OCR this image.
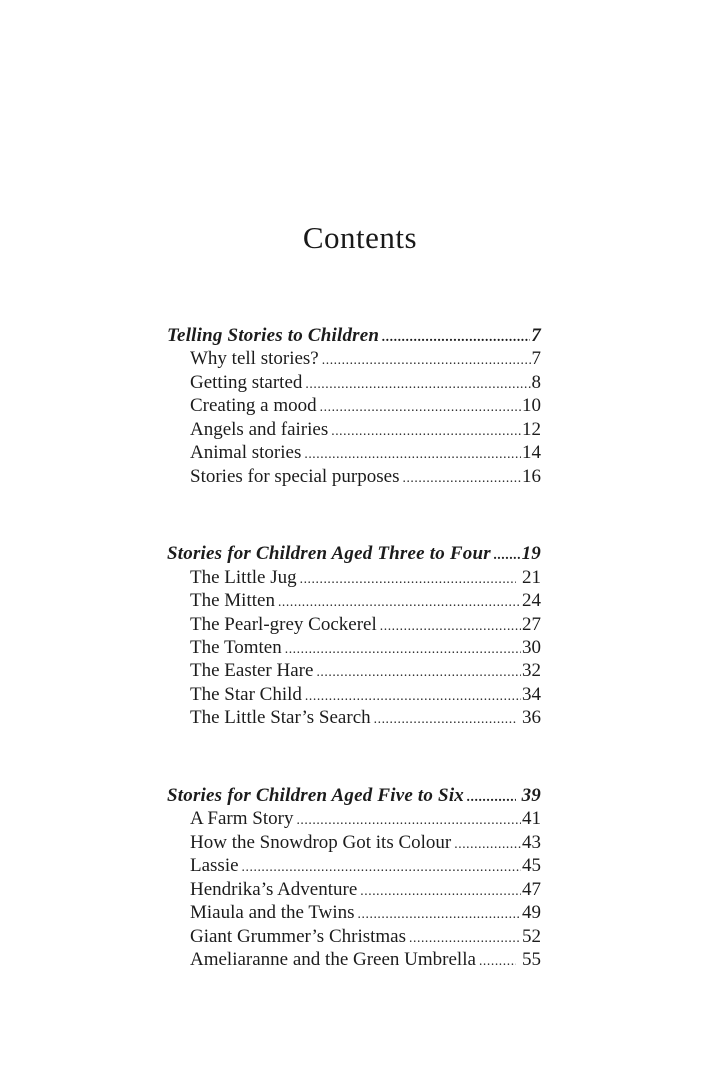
Contents
Telling Stories to Children .....	7
Why tell stories? .....	7
Getting started .....	8
Creating a mood .....	10
Angels and fairies .....	12
Animal stories .....	14
Stories for special purposes .....	16
Stories for Children Aged Three to Four ..... 19
The Little Jug .....	21
The Mitten .....	24
The Pearl-grey Cockerel .....	27
The Tomten .....	30
The Easter Hare .....	32
The Star Child .....	34
The Little Star’s Search .....	36
Stories for Children Aged Five to Six .....	39
A Farm Story .....	41
How the Snowdrop Got its Colour .....	43
Lassie .....	45
Hendrika’s Adventure .....	47
Miaula and the Twins .....	49
Giant Grummer’s Christmas .....	52
Ameliaranne and the Green Umbrella ..... 55
